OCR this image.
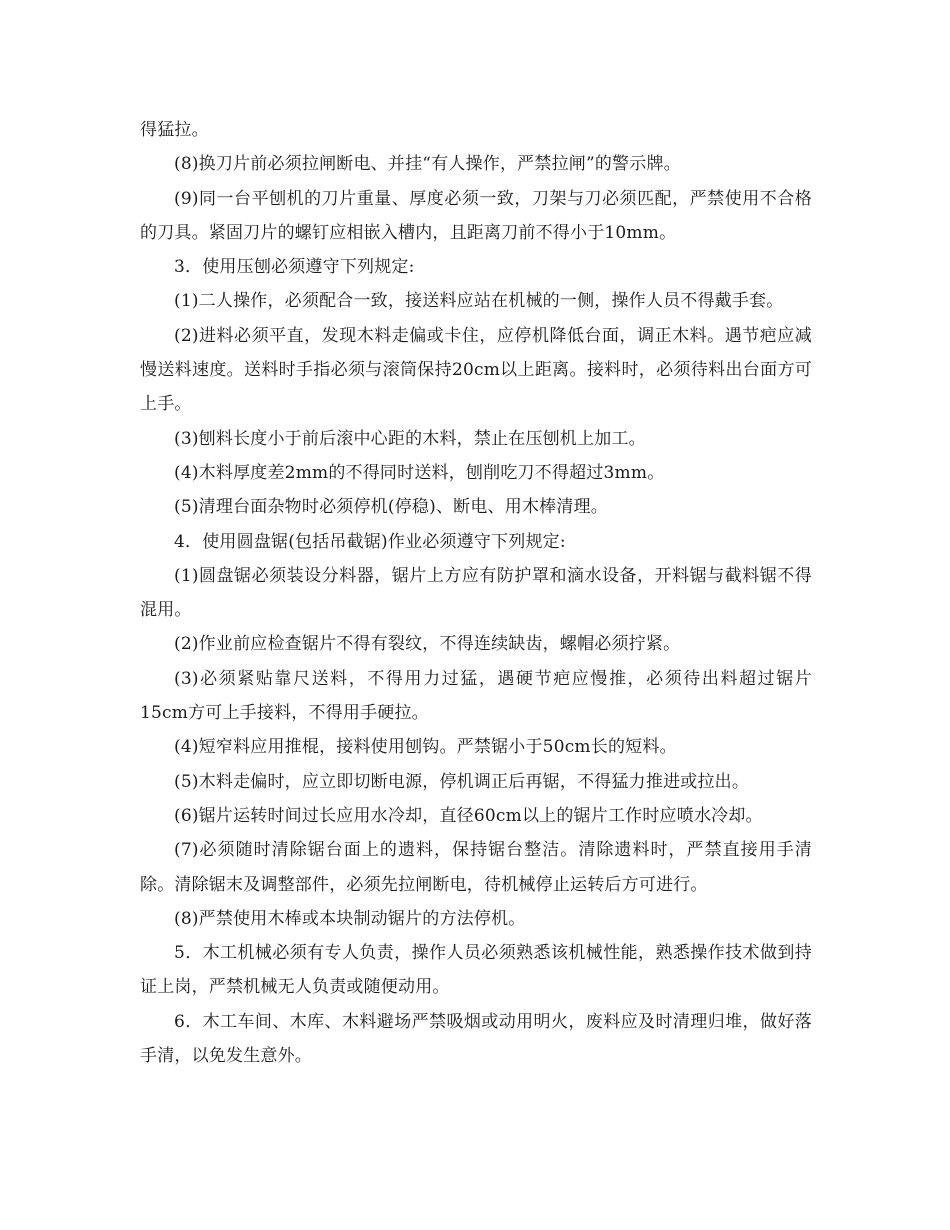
得猛拉。

(8)换刀片前必须拉闸断电、并挂“有人操作，严禁拉闸”的警示牌。

(9)同一台平刨机的刀片重量、厚度必须一致，刀架与刀必须匹配，严禁使用不合格的刀具。紧固刀片的螺钉应相嵌入槽内，且距离刀前不得小于10mm。

3．使用压刨必须遵守下列规定:

(1)二人操作，必须配合一致，接送料应站在机械的一侧，操作人员不得戴手套。

(2)进料必须平直，发现木料走偏或卡住，应停机降低台面，调正木料。遇节疤应减慢送料速度。送料时手指必须与滚筒保持20cm以上距离。接料时，必须待料出台面方可上手。

(3)刨料长度小于前后滚中心距的木料，禁止在压刨机上加工。

(4)木料厚度差2mm的不得同时送料，刨削吃刀不得超过3mm。

(5)清理台面杂物时必须停机(停稳)、断电、用木棒清理。

4．使用圆盘锯(包括吊截锯)作业必须遵守下列规定:

(1)圆盘锯必须装设分料器，锯片上方应有防护罩和滴水设备，开料锯与截料锯不得混用。

(2)作业前应检查锯片不得有裂纹，不得连续缺齿，螺帽必须拧紧。

(3)必须紧贴靠尺送料，不得用力过猛，遇硬节疤应慢推，必须待出料超过锯片15cm方可上手接料，不得用手硬拉。

(4)短窄料应用推棍，接料使用刨钩。严禁锯小于50cm长的短料。

(5)木料走偏时，应立即切断电源，停机调正后再锯，不得猛力推进或拉出。

(6)锯片运转时间过长应用水冷却，直径60cm以上的锯片工作时应喷水冷却。

(7)必须随时清除锯台面上的遗料，保持锯台整洁。清除遗料时，严禁直接用手清除。清除锯末及调整部件，必须先拉闸断电，待机械停止运转后方可进行。

(8)严禁使用木棒或本块制动锯片的方法停机。

5．木工机械必须有专人负责，操作人员必须熟悉该机械性能，熟悉操作技术做到持证上岗，严禁机械无人负责或随便动用。

6．木工车间、木库、木料避场严禁吸烟或动用明火，废料应及时清理归堆，做好落手清，以免发生意外。
